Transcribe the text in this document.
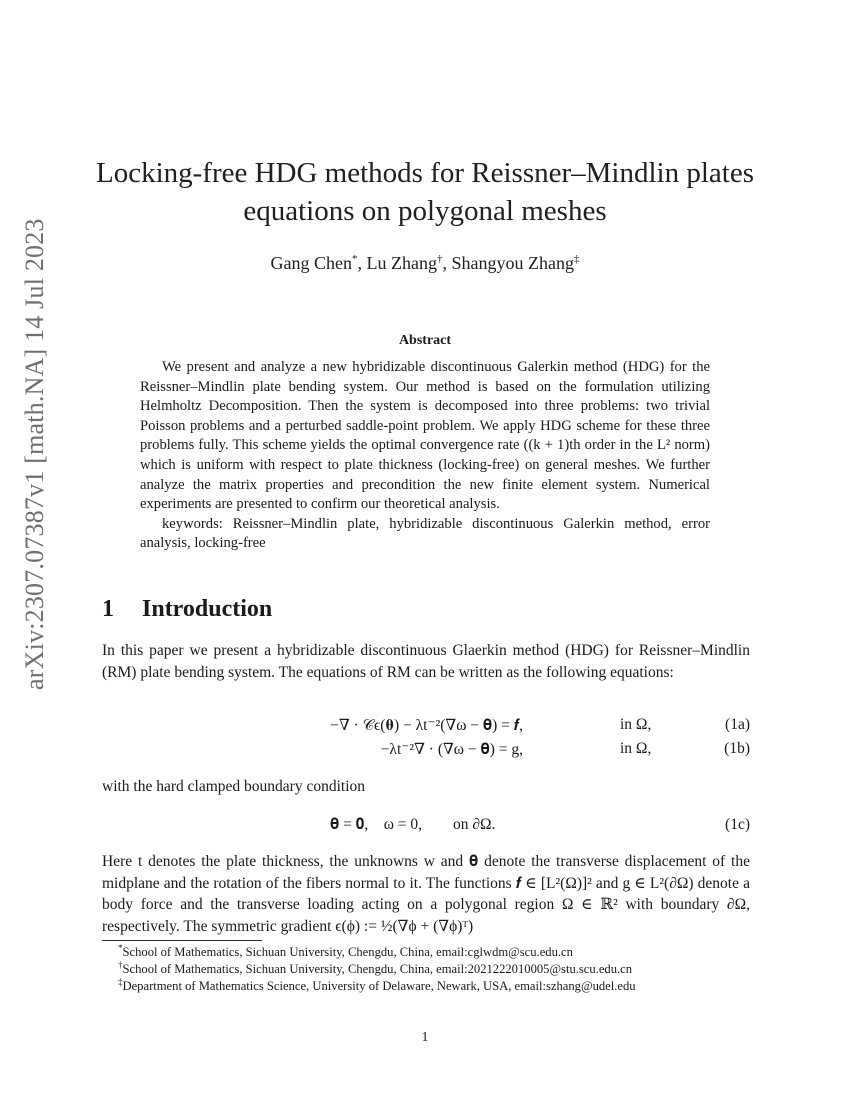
arXiv:2307.07387v1 [math.NA] 14 Jul 2023
Locking-free HDG methods for Reissner–Mindlin plates equations on polygonal meshes
Gang Chen*, Lu Zhang†, Shangyou Zhang‡
Abstract

We present and analyze a new hybridizable discontinuous Galerkin method (HDG) for the Reissner–Mindlin plate bending system. Our method is based on the formulation utilizing Helmholtz Decomposition. Then the system is decomposed into three problems: two trivial Poisson problems and a perturbed saddle-point problem. We apply HDG scheme for these three problems fully. This scheme yields the optimal convergence rate ((k + 1)th order in the L² norm) which is uniform with respect to plate thickness (locking-free) on general meshes. We further analyze the matrix properties and precondition the new finite element system. Numerical experiments are presented to confirm our theoretical analysis.

keywords: Reissner–Mindlin plate, hybridizable discontinuous Galerkin method, error analysis, locking-free

1 Introduction
In this paper we present a hybridizable discontinuous Glaerkin method (HDG) for Reissner–Mindlin (RM) plate bending system. The equations of RM can be written as the following equations:
−∇ · 𝒞ϵ(𝛉) − λt⁻²(∇ω − 𝛉) = 𝒇,	in Ω,	(1a)
−λt⁻²∇ · (∇ω − 𝛉) = g,	in Ω,	(1b)
with the hard clamped boundary condition
𝛉 = 𝟎,    ω = 0,        on ∂Ω.	(1c)
Here t denotes the plate thickness, the unknowns w and 𝛉 denote the transverse displacement of the midplane and the rotation of the fibers normal to it. The functions 𝒇 ∈ [L²(Ω)]² and g ∈ L²(∂Ω) denote a body force and the transverse loading acting on a polygonal region Ω ∈ ℝ² with boundary ∂Ω, respectively. The symmetric gradient ϵ(ϕ) := ½(∇ϕ + (∇ϕ)ᵀ)
*School of Mathematics, Sichuan University, Chengdu, China, email:cglwdm@scu.edu.cn
†School of Mathematics, Sichuan University, Chengdu, China, email:2021222010005@stu.scu.edu.cn
‡Department of Mathematics Science, University of Delaware, Newark, USA, email:szhang@udel.edu
1
